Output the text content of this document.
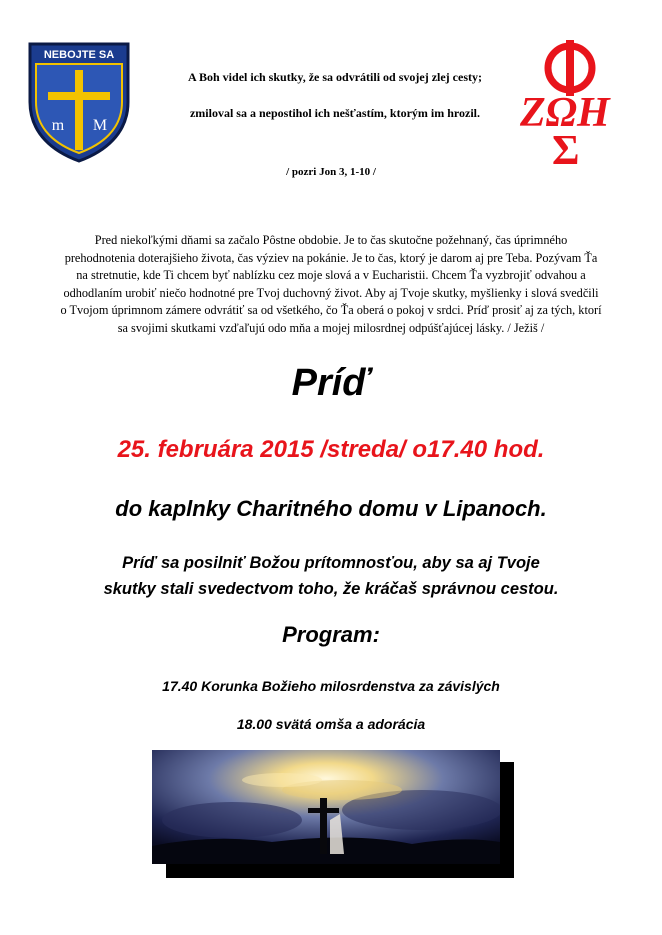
NEBOJTE SA
m M	ZΩH
Σ
A Boh videl ich skutky, že sa odvrátili od svojej zlej cesty;
zmiloval sa a nepostihol ich nešťastím, ktorým im hrozil.
/ pozri Jon 3, 1-10 /
Pred niekoľkými dňami sa začalo Pôstne obdobie. Je to čas skutočne požehnaný, čas úprimného prehodnotenia doterajšieho života, čas výziev na pokánie. Je to čas, ktorý je darom aj pre Teba. Pozývam Ťa na stretnutie, kde Ti chcem byť nablízku cez moje slová a v Eucharistii. Chcem Ťa vyzbrojiť odvahou a odhodlaním urobiť niečo hodnotné pre Tvoj duchovný život. Aby aj Tvoje skutky, myšlienky i slová svedčili o Tvojom úprimnom zámere odvrátiť sa od všetkého, čo Ťa oberá o pokoj v srdci. Príď prosiť aj za tých, ktorí sa svojimi skutkami vzďaľujú odo mňa a mojej milosrdnej odpúšťajúcej lásky. / Ježiš /
Príď
25. februára 2015 /streda/ o17.40 hod.
do kaplnky Charitného domu v Lipanoch.
Príď sa posilniť Božou prítomnosťou, aby sa aj Tvoje
skutky stali svedectvom toho, že kráčaš správnou cestou.
Program:
17.40 Korunka Božieho milosrdenstva za závislých
18.00 svätá omša a adorácia
